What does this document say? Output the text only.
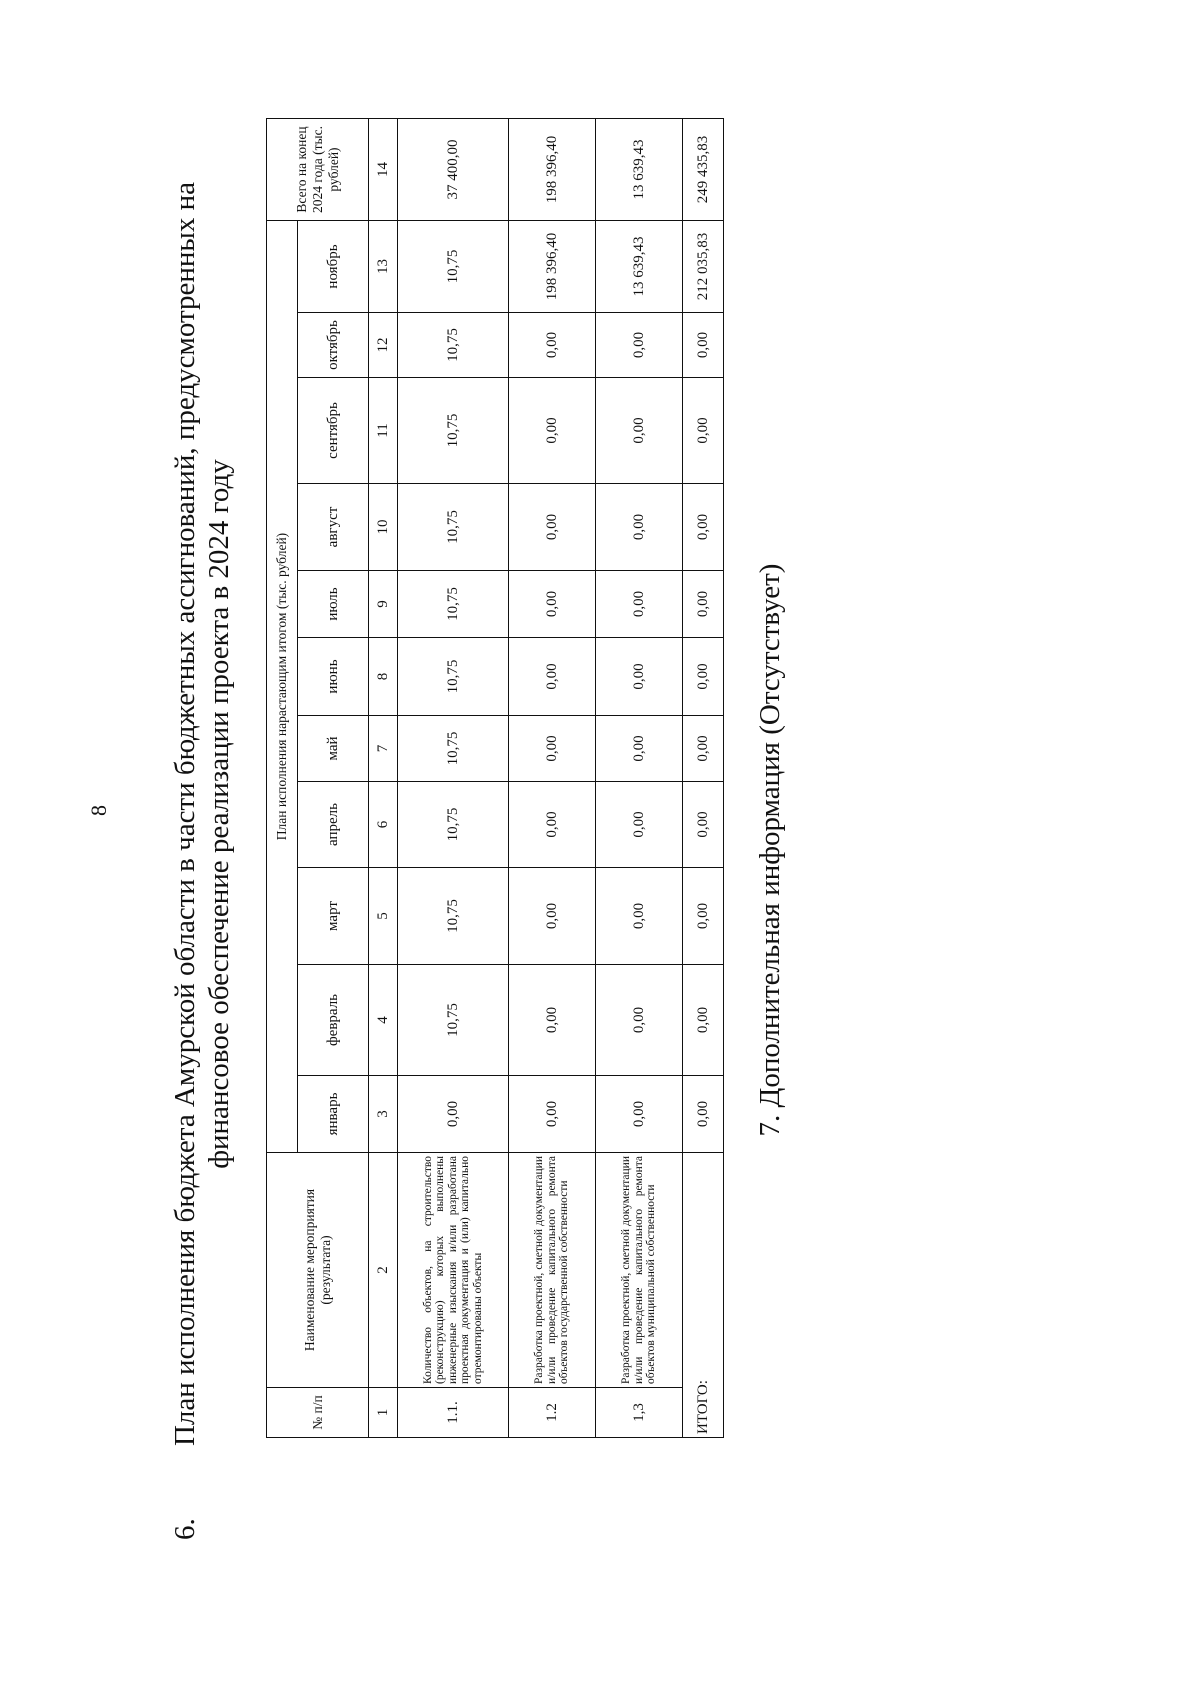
8
6.
План исполнения бюджета Амурской области в части бюджетных ассигнований, предусмотренных на финансовое обеспечение реализации проекта в 2024 году
№ п/п	Наименование мероприятия (результата)	План исполнения нарастающим итогом (тыс. рублей)											Всего на конец 2024 года (тыс. рублей)
		январь	февраль	март	апрель	май	июнь	июль	август	сентябрь	октябрь	ноябрь	
1	2	3	4	5	6	7	8	9	10	11	12	13	14
1.1.	Количество объектов, на строительство (реконструкцию) которых выполнены инженерные изыскания и/или разработана проектная документация и (или) капитально отремонтированы объекты	0,00	10,75	10,75	10,75	10,75	10,75	10,75	10,75	10,75	10,75	10,75	37 400,00
1.2	Разработка проектной, сметной документации и/или проведение капитального ремонта объектов государственной собственности	0,00	0,00	0,00	0,00	0,00	0,00	0,00	0,00	0,00	0,00	198 396,40	198 396,40
1,3	Разработка проектной, сметной документации и/или проведение капитального ремонта объектов муниципальной собственности	0,00	0,00	0,00	0,00	0,00	0,00	0,00	0,00	0,00	0,00	13 639,43	13 639,43
ИТОГО:		0,00	0,00	0,00	0,00	0,00	0,00	0,00	0,00	0,00	0,00	212 035,83	249 435,83
7. Дополнительная информация (Отсутствует)
